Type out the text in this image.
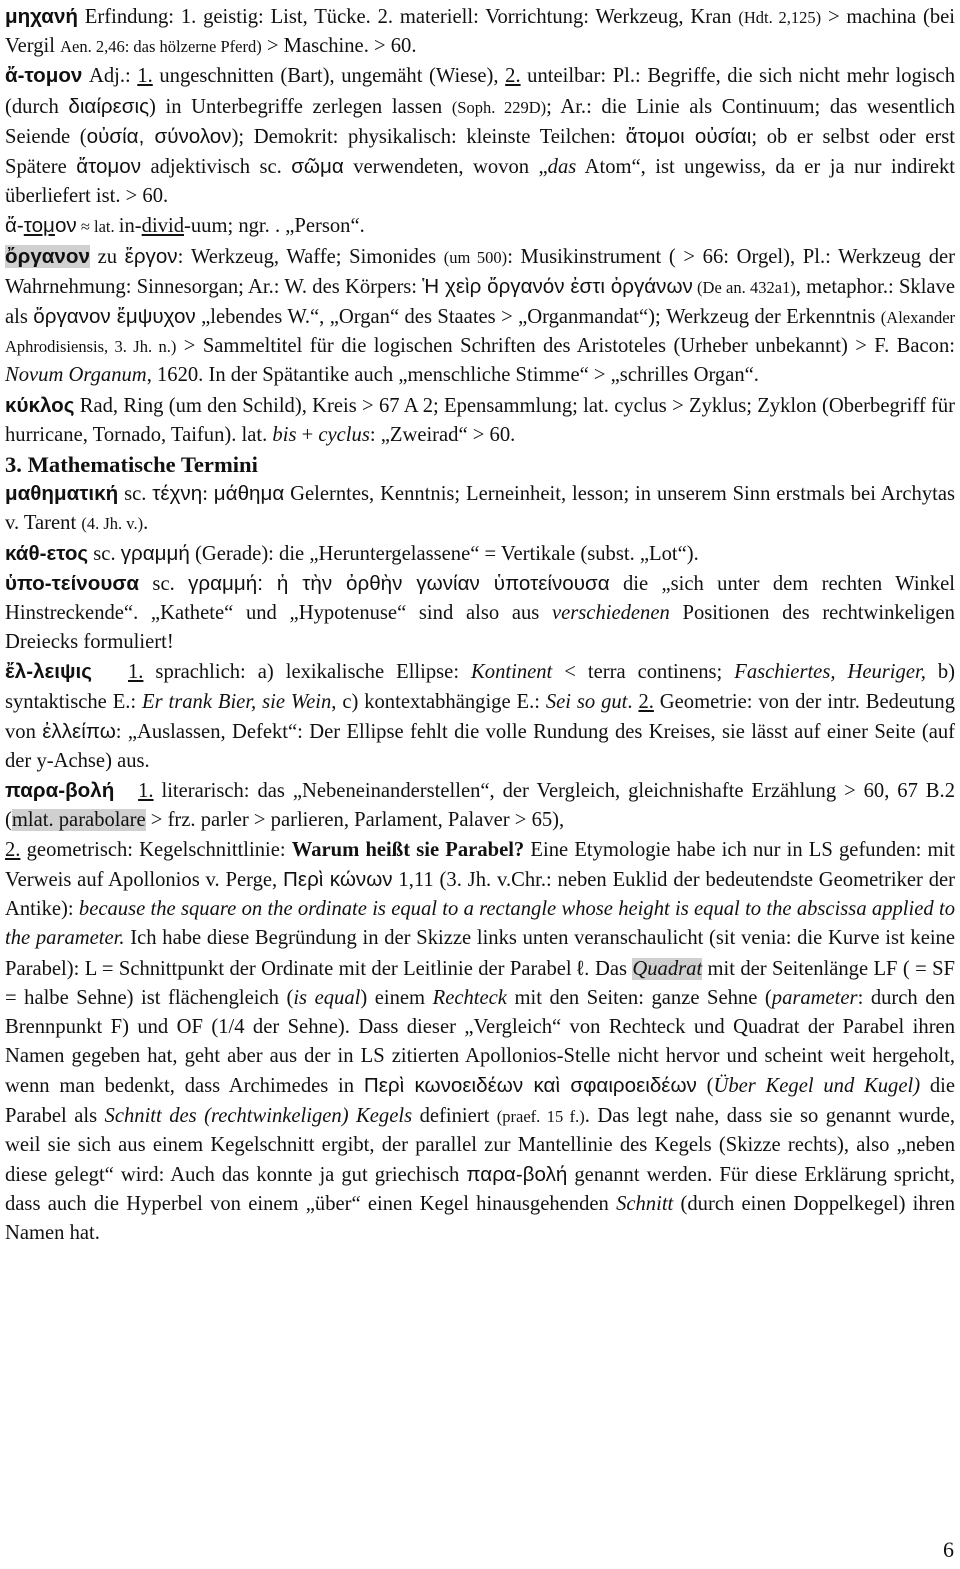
μηχανή Erfindung: 1. geistig: List, Tücke. 2. materiell: Vorrichtung: Werkzeug, Kran (Hdt. 2,125) > machina (bei Vergil Aen. 2,46: das hölzerne Pferd) > Maschine. > 60.

ἄ-τομον Adj.: 1. ungeschnitten (Bart), ungemäht (Wiese), 2. unteilbar: Pl.: Begriffe, die sich nicht mehr logisch (durch διαίρεσις) in Unterbegriffe zerlegen lassen (Soph. 229D); Ar.: die Linie als Continuum; das wesentlich Seiende (οὐσία, σύνολον); Demokrit: physikalisch: kleinste Teilchen: ἄτομοι οὐσίαι; ob er selbst oder erst Spätere ἄτομον adjektivisch sc. σῶμα verwendeten, wovon „das Atom“, ist ungewiss, da er ja nur indirekt überliefert ist. > 60.

ἄ-τομον ≈ lat. in-divid-uum; ngr. . „Person“.

ὄργανον zu ἔργον: Werkzeug, Waffe; Simonides (um 500): Musikinstrument ( > 66: Orgel), Pl.: Werkzeug der Wahrnehmung: Sinnesorgan; Ar.: W. des Körpers: Ἡ χεὶρ ὄργανόν ἐστι ὀργάνων (De an. 432a1), metaphor.: Sklave als ὄργανον ἔμψυχον „lebendes W.“, „Organ“ des Staates > „Organmandat“); Werkzeug der Erkenntnis (Alexander Aphrodisiensis, 3. Jh. n.) > Sammeltitel für die logischen Schriften des Aristoteles (Urheber unbekannt) > F. Bacon: Novum Organum, 1620. In der Spätantike auch „menschliche Stimme“ > „schrilles Organ“.

κύκλος Rad, Ring (um den Schild), Kreis > 67 A 2; Epensammlung; lat. cyclus > Zyklus; Zyklon (Oberbegriff für hurricane, Tornado, Taifun). lat. bis + cyclus: „Zweirad“ > 60.

3. Mathematische Termini

μαθηματική sc. τέχνη: μάθημα Gelerntes, Kenntnis; Lerneinheit, lesson; in unserem Sinn erstmals bei Archytas v. Tarent (4. Jh. v.).

κάθ-ετος sc. γραμμή (Gerade): die „Heruntergelassene“ = Vertikale (subst. „Lot“).

ὑπο-τείνουσα sc. γραμμή: ἡ τὴν ὀρθὴν γωνίαν ὑποτείνουσα die „sich unter dem rechten Winkel Hinstreckende“. „Kathete“ und „Hypotenuse“ sind also aus verschiedenen Positionen des rechtwinkeligen Dreiecks formuliert!

ἔλ-λειψις 1. sprachlich: a) lexikalische Ellipse: Kontinent < terra continens; Faschiertes, Heuriger, b) syntaktische E.: Er trank Bier, sie Wein, c) kontextabhängige E.: Sei so gut. 2. Geometrie: von der intr. Bedeutung von ἐλλείπω: „Auslassen, Defekt“: Der Ellipse fehlt die volle Rundung des Kreises, sie lässt auf einer Seite (auf der y-Achse) aus.

παρα-βολή 1. literarisch: das „Nebeneinanderstellen“, der Vergleich, gleichnishafte Erzählung > 60, 67 B.2 (mlat. parabolare > frz. parler > parlieren, Parlament, Palaver > 65),
2. geometrisch: Kegelschnittlinie: Warum heißt sie Parabel? Eine Etymologie habe ich nur in LS gefunden: mit Verweis auf Apollonios v. Perge, Περὶ κώνων 1,11 (3. Jh. v.Chr.: neben Euklid der bedeutendste Geometriker der Antike): because the square on the ordinate is equal to a rectangle whose height is equal to the abscissa applied to the parameter. Ich habe diese Begründung in der Skizze links unten veranschaulicht (sit venia: die Kurve ist keine Parabel): L = Schnittpunkt der Ordinate mit der Leitlinie der Parabel ℓ. Das Quadrat mit der Seitenlänge LF ( = SF = halbe Sehne) ist flächengleich (is equal) einem Rechteck mit den Seiten: ganze Sehne (parameter: durch den Brennpunkt F) und OF (1/4 der Sehne). Dass dieser „Vergleich“ von Rechteck und Quadrat der Parabel ihren Namen gegeben hat, geht aber aus der in LS zitierten Apollonios-Stelle nicht hervor und scheint weit hergeholt, wenn man bedenkt, dass Archimedes in Περὶ κωνοειδέων καὶ σφαιροειδέων (Über Kegel und Kugel) die Parabel als Schnitt des (rechtwinkeligen) Kegels definiert (praef. 15 f.). Das legt nahe, dass sie so genannt wurde, weil sie sich aus einem Kegelschnitt ergibt, der parallel zur Mantellinie des Kegels (Skizze rechts), also „neben diese gelegt“ wird: Auch das konnte ja gut griechisch παρα-βολή genannt werden. Für diese Erklärung spricht, dass auch die Hyperbel von einem „über“ einen Kegel hinausgehenden Schnitt (durch einen Doppelkegel) ihren Namen hat.

6
